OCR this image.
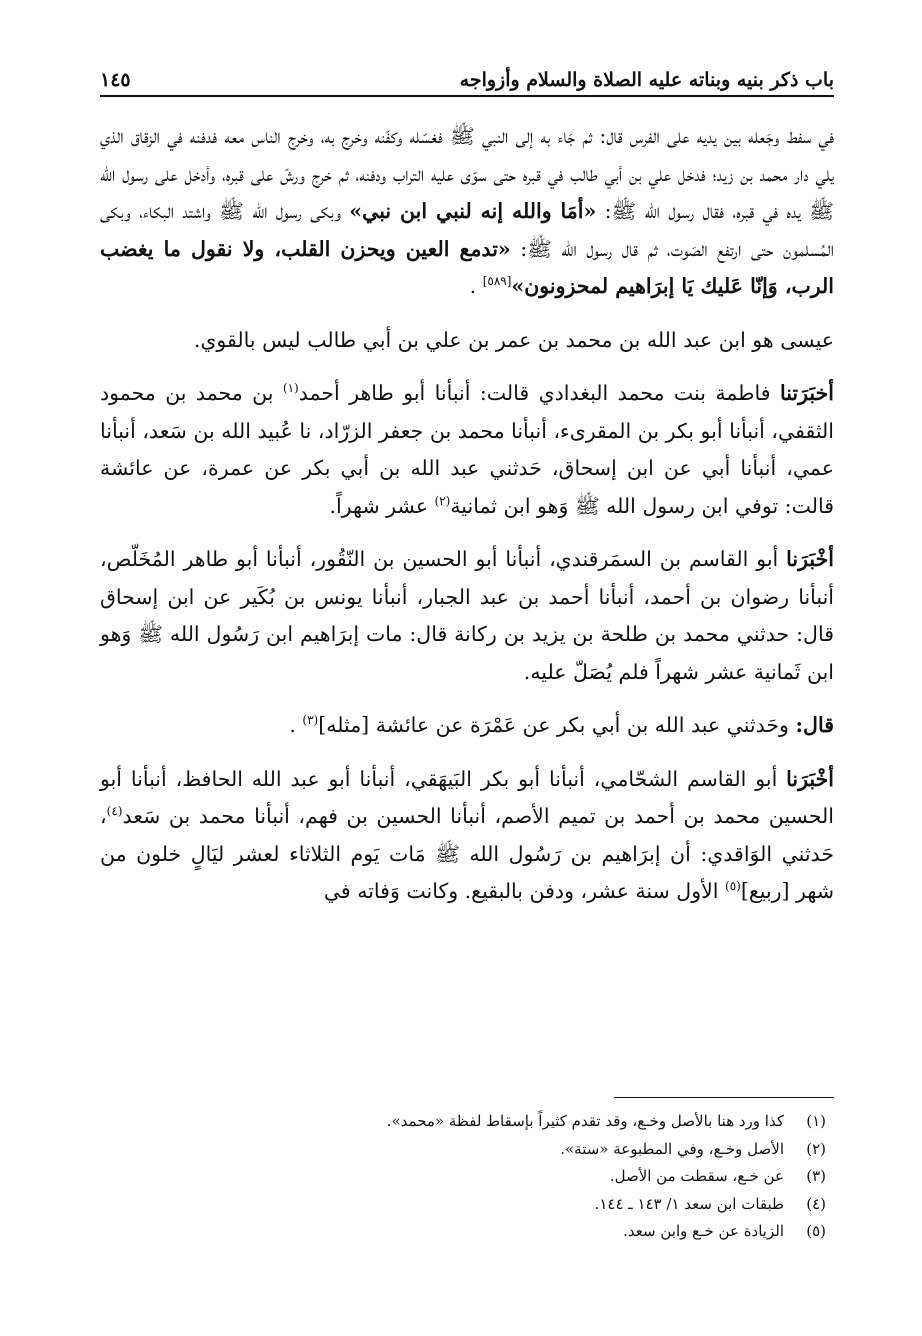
باب ذكر بنيه وبناته عليه الصلاة والسلام وأزواجه
١٤٥

في سفط وجَعله بين يديه على الفرس قال: ثم جَاء به إلى النبي ﷺ فغسّله وكفّنه وخرج به، وخرج الناس معه فدفنه في الزقاق الذي يلي دار محمد بن زيد؛ فدخل علي بن أبي طالب في قبره حتى سوّى عليه التراب ودفنه، ثم خرج ورشّ على قبره، وأدخل على رسول الله ﷺ يده في قبره، فقال رسول الله ﷺ: «أمَا والله إنه لنبي ابن نبي» وبكى رسول الله ﷺ واشتد البكاء، وبكى المُسلمون حتى ارتفع الصَوت، ثم قال رسول الله ﷺ: «تدمع العين ويحزن القلب، ولا نقول ما يغضب الرب، وَإنّا عَليك يَا إبرَاهيم لمحزونون»[٥٨٩] .

عيسى هو ابن عبد الله بن محمد بن عمر بن علي بن أبي طالب ليس بالقوي.

أخبَرَتنا فاطمة بنت محمد البغدادي قالت: أنبأنا أبو طاهر أحمد$^{(١)}$ بن محمد بن محمود الثقفي، أنبأنا أبو بكر بن المقرىء، أنبأنا محمد بن جعفر الزرّاد، نا عُبيد الله بن سَعد، أنبأنا عمي، أنبأنا أبي عن ابن إسحاق، حَدثني عبد الله بن أبي بكر عن عمرة، عن عائشة قالت: توفي ابن رسول الله ﷺ وَهو ابن ثمانية$^{(٢)}$ عشر شهراً.

أخْبَرَنا أبو القاسم بن السمَرقندي، أنبأنا أبو الحسين بن النّقُور، أنبأنا أبو طاهر المُخَلّص، أنبأنا رضوان بن أحمد، أنبأنا أحمد بن عبد الجبار، أنبأنا يونس بن بُكَير عن ابن إسحاق قال: حدثني محمد بن طلحة بن يزيد بن ركانة قال: مات إبرَاهيم ابن رَسُول الله ﷺ وَهو ابن ثَمانية عشر شهراً فلم يُصَلّ عليه.

قال: وحَدثني عبد الله بن أبي بكر عن عَمْرَة عن عائشة [مثله]$^{(٣)}$ .

أخْبَرَنا أبو القاسم الشحّامي، أنبأنا أبو بكر البَيهَقي، أنبأنا أبو عبد الله الحافظ، أنبأنا أبو الحسين محمد بن أحمد بن تميم الأصم، أنبأنا الحسين بن فهم، أنبأنا محمد بن سَعد$^{(٤)}$، حَدثني الوَاقدي: أن إبرَاهيم بن رَسُول الله ﷺ مَات يَوم الثلاثاء لعشر ليَالٍ خلون من شهر [ربيع]$^{(٥)}$ الأول سنة عشر، ودفن بالبقيع. وكانت وَفاته في

(١)
كذا ورد هنا بالأصل وخـع، وقد تقدم كثيراً بإسقاط لفظة «محمد».
(٢)
الأصل وخـع، وفي المطبوعة «ستة».
(٣)
عن خـع، سقطت من الأصل.
(٤)
طبقات ابن سعد ١/ ١٤٣ ـ ١٤٤.
(٥)
الزيادة عن خـع وابن سعد.
